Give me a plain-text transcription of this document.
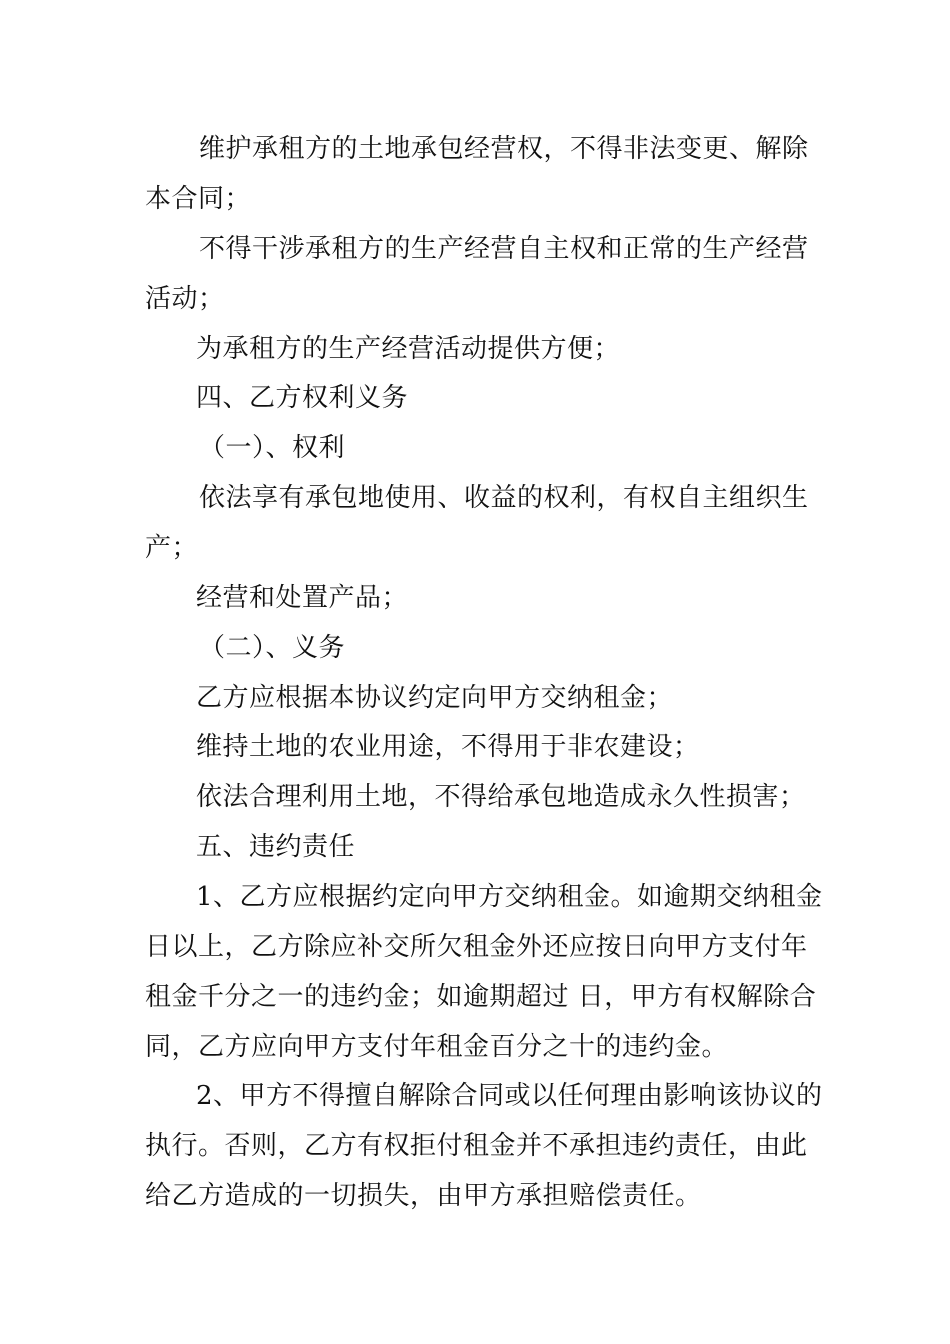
维护承租方的土地承包经营权，不得非法变更、解除
本合同；
不得干涉承租方的生产经营自主权和正常的生产经营
活动；
为承租方的生产经营活动提供方便；
四、乙方权利义务
（一）、权利
依法享有承包地使用、收益的权利，有权自主组织生
产；
经营和处置产品；
（二）、义务
乙方应根据本协议约定向甲方交纳租金；
维持土地的农业用途，不得用于非农建设；
依法合理利用土地，不得给承包地造成永久性损害；
五、违约责任
1、乙方应根据约定向甲方交纳租金。如逾期交纳租金
日以上，乙方除应补交所欠租金外还应按日向甲方支付年
租金千分之一的违约金；如逾期超过 日，甲方有权解除合
同，乙方应向甲方支付年租金百分之十的违约金。
2、甲方不得擅自解除合同或以任何理由影响该协议的
执行。否则，乙方有权拒付租金并不承担违约责任，由此
给乙方造成的一切损失，由甲方承担赔偿责任。
